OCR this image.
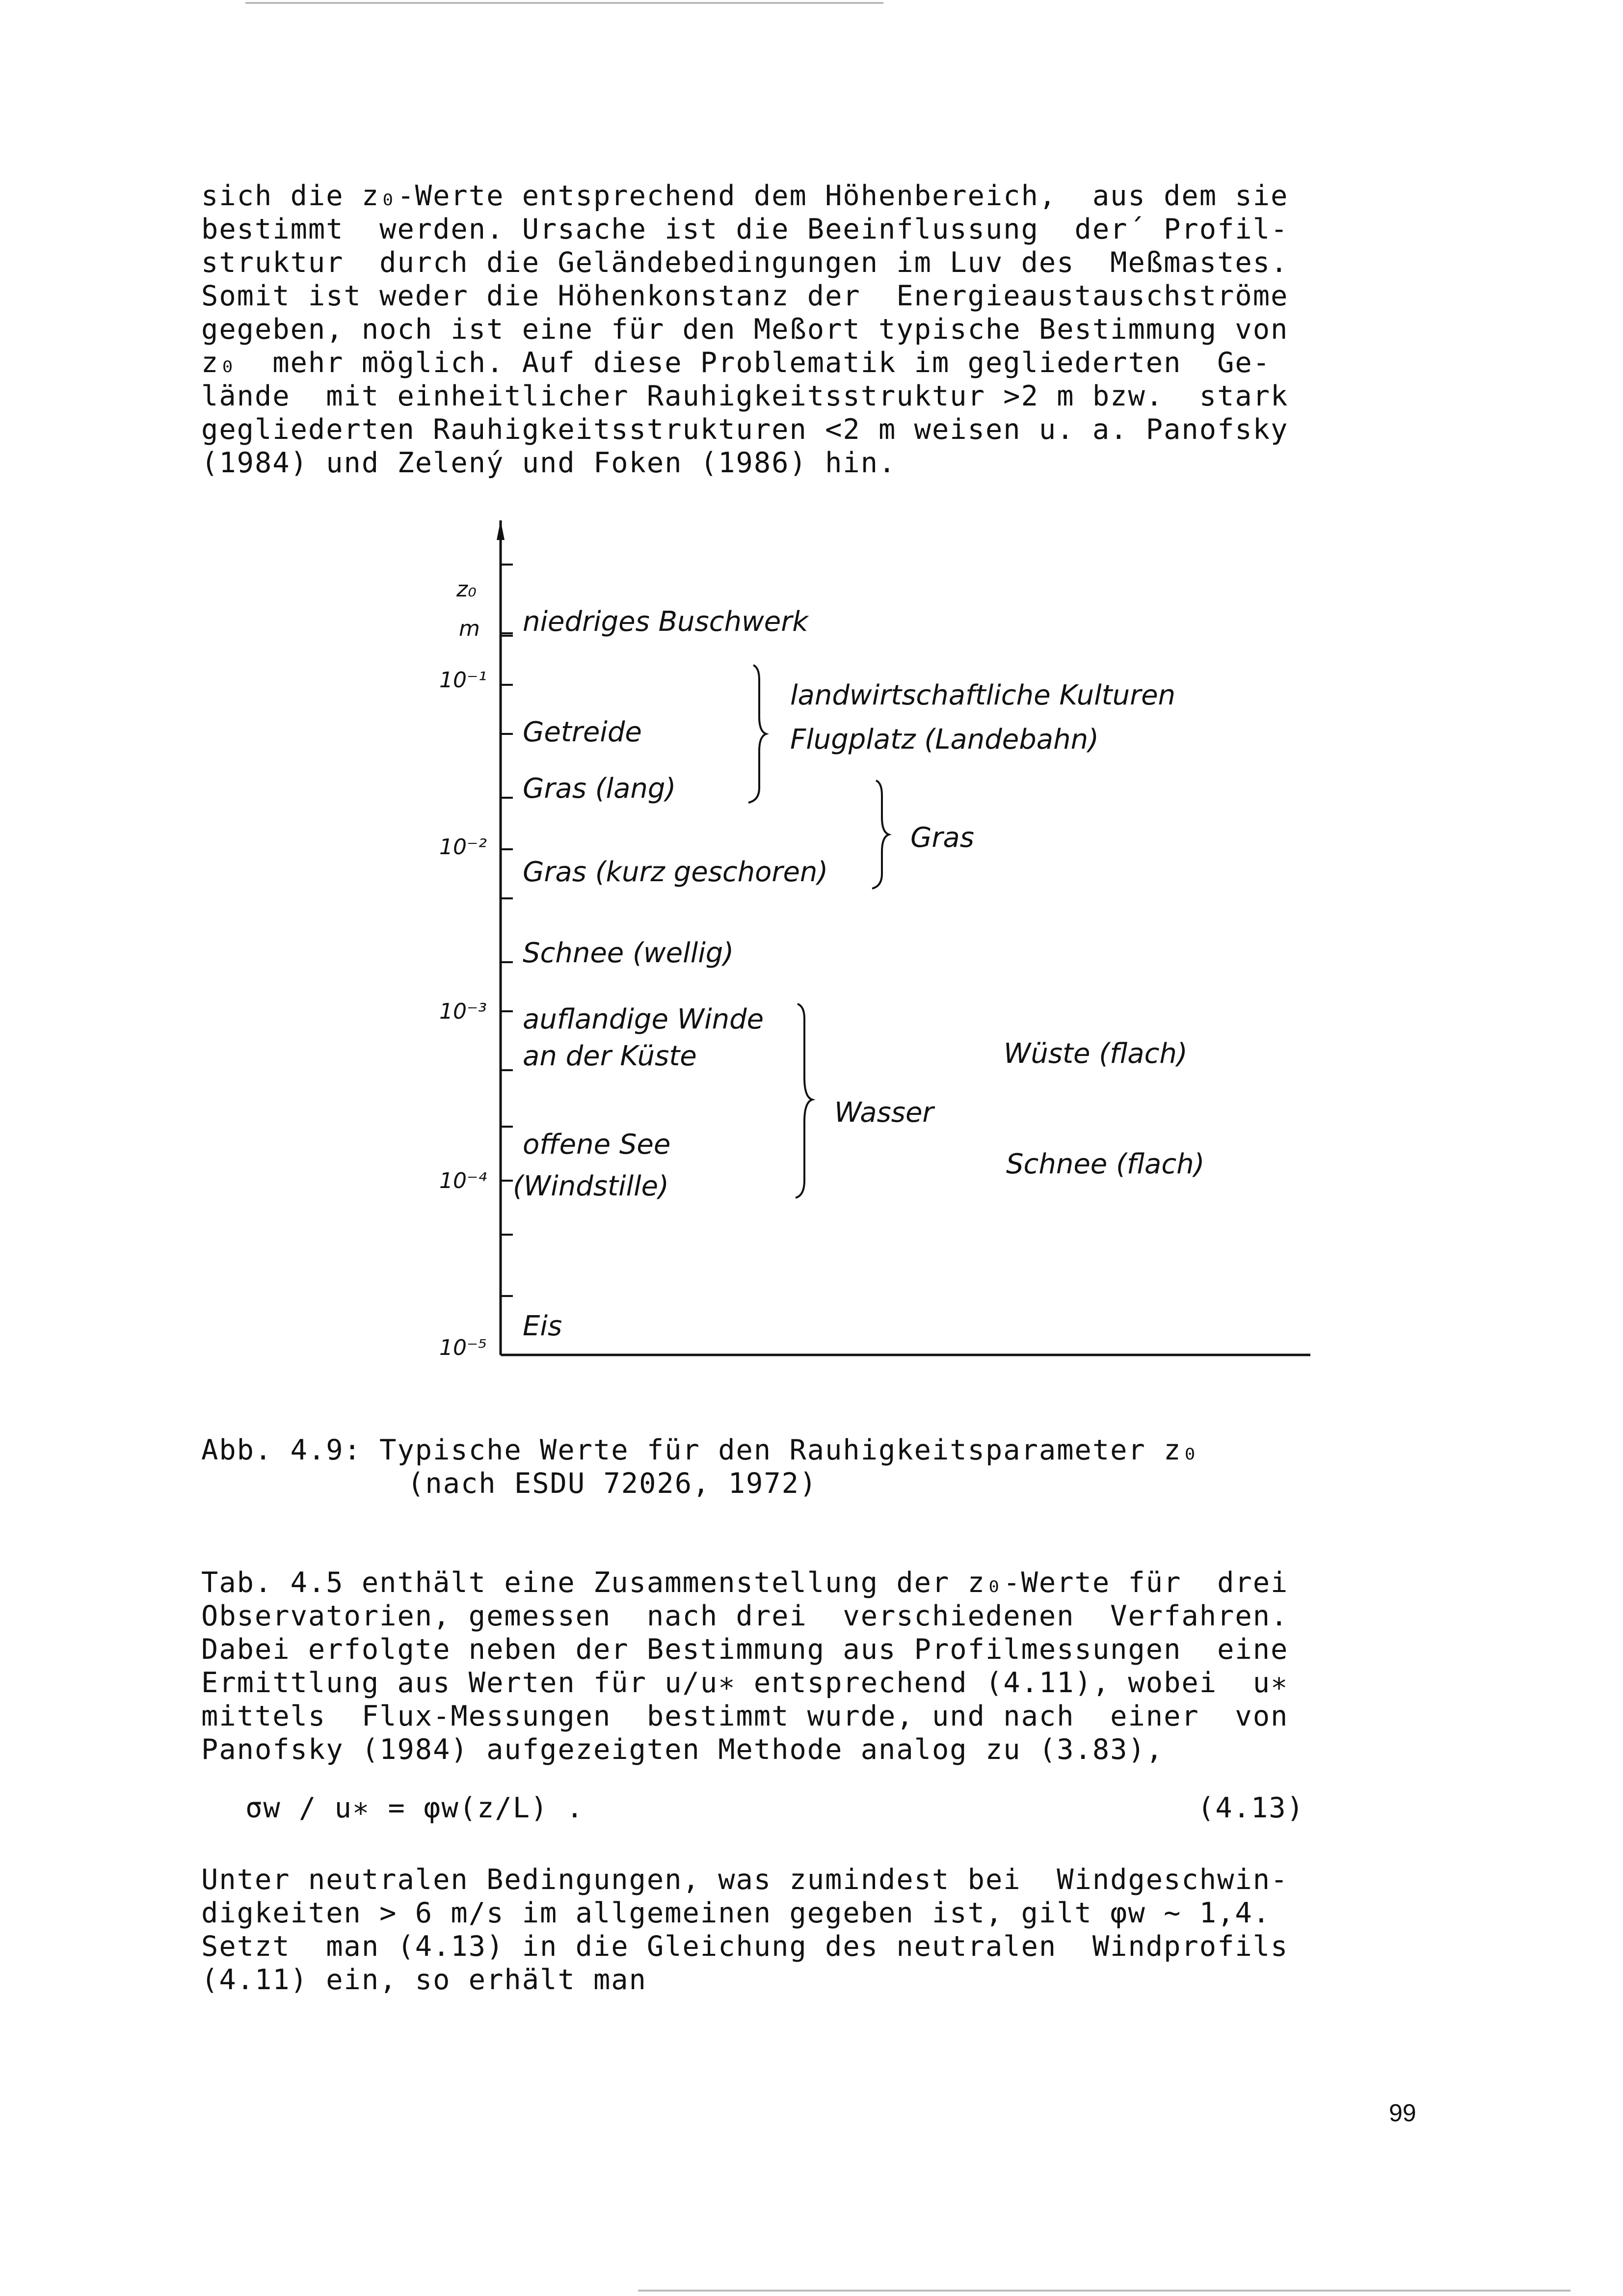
sich die z₀-Werte entsprechend dem Höhenbereich,  aus dem sie
bestimmt  werden. Ursache ist die Beeinflussung  der´ Profil-
struktur  durch die Geländebedingungen im Luv des  Meßmastes.
Somit ist weder die Höhenkonstanz der  Energieaustauschströme
gegeben, noch ist eine für den Meßort typische Bestimmung von
z₀  mehr möglich. Auf diese Problematik im gegliederten  Ge-
lände  mit einheitlicher Rauhigkeitsstruktur >2 m bzw.  stark
gegliederten Rauhigkeitsstrukturen <2 m weisen u. a. Panofsky
(1984) und Zelený und Foken (1986) hin.
z₀
m
10⁻¹
10⁻²
10⁻³
10⁻⁴
10⁻⁵
niedriges Buschwerk
Getreide
Gras (lang)
Gras (kurz geschoren)
Schnee (wellig)
auflandige Winde
an der Küste
offene See
(Windstille)
Eis
landwirtschaftliche Kulturen
Flugplatz (Landebahn)
Gras
Wasser
Wüste (flach)
Schnee (flach)
Abb. 4.9: Typische Werte für den Rauhigkeitsparameter z₀
(nach ESDU 72026, 1972)
Tab. 4.5 enthält eine Zusammenstellung der z₀-Werte für  drei
Observatorien, gemessen  nach drei  verschiedenen  Verfahren.
Dabei erfolgte neben der Bestimmung aus Profilmessungen  eine
Ermittlung aus Werten für u/u∗ entsprechend (4.11), wobei  u∗
mittels  Flux-Messungen  bestimmt wurde, und nach  einer  von
Panofsky (1984) aufgezeigten Methode analog zu (3.83),
σw / u∗ = φw(z/L) .	(4.13)
Unter neutralen Bedingungen, was zumindest bei  Windgeschwin-
digkeiten > 6 m/s im allgemeinen gegeben ist, gilt φw ∼ 1,4.
Setzt  man (4.13) in die Gleichung des neutralen  Windprofils
(4.11) ein, so erhält man
99
